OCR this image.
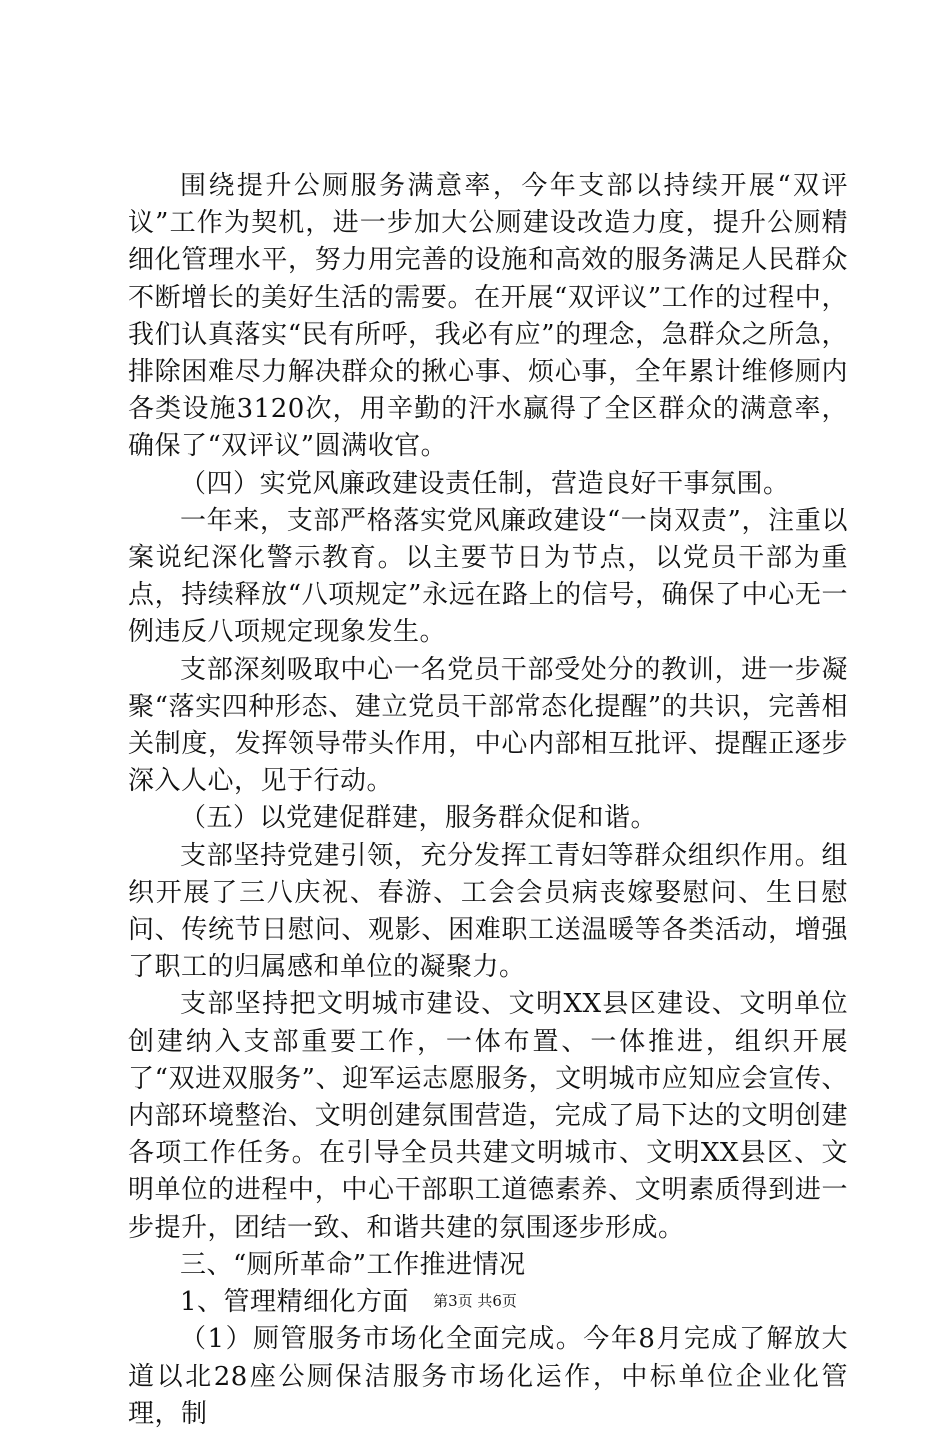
围绕提升公厕服务满意率，今年支部以持续开展“双评议”工作为契机，进一步加大公厕建设改造力度，提升公厕精细化管理水平，努力用完善的设施和高效的服务满足人民群众不断增长的美好生活的需要。在开展“双评议”工作的过程中，我们认真落实“民有所呼，我必有应”的理念，急群众之所急，排除困难尽力解决群众的揪心事、烦心事，全年累计维修厕内各类设施3120次，用辛勤的汗水赢得了全区群众的满意率，确保了“双评议”圆满收官。

（四）实党风廉政建设责任制，营造良好干事氛围。

一年来，支部严格落实党风廉政建设“一岗双责”，注重以案说纪深化警示教育。以主要节日为节点，以党员干部为重点，持续释放“八项规定”永远在路上的信号，确保了中心无一例违反八项规定现象发生。

支部深刻吸取中心一名党员干部受处分的教训，进一步凝聚“落实四种形态、建立党员干部常态化提醒”的共识，完善相关制度，发挥领导带头作用，中心内部相互批评、提醒正逐步深入人心，见于行动。

（五）以党建促群建，服务群众促和谐。

支部坚持党建引领，充分发挥工青妇等群众组织作用。组织开展了三八庆祝、春游、工会会员病丧嫁娶慰问、生日慰问、传统节日慰问、观影、困难职工送温暖等各类活动，增强了职工的归属感和单位的凝聚力。

支部坚持把文明城市建设、文明XX县区建设、文明单位创建纳入支部重要工作，一体布置、一体推进，组织开展了“双进双服务”、迎军运志愿服务，文明城市应知应会宣传、内部环境整治、文明创建氛围营造，完成了局下达的文明创建各项工作任务。在引导全员共建文明城市、文明XX县区、文明单位的进程中，中心干部职工道德素养、文明素质得到进一步提升，团结一致、和谐共建的氛围逐步形成。

三、“厕所革命”工作推进情况

1、管理精细化方面

（1）厕管服务市场化全面完成。今年8月完成了解放大道以北28座公厕保洁服务市场化运作，中标单位企业化管理，制

第3页 共6页
